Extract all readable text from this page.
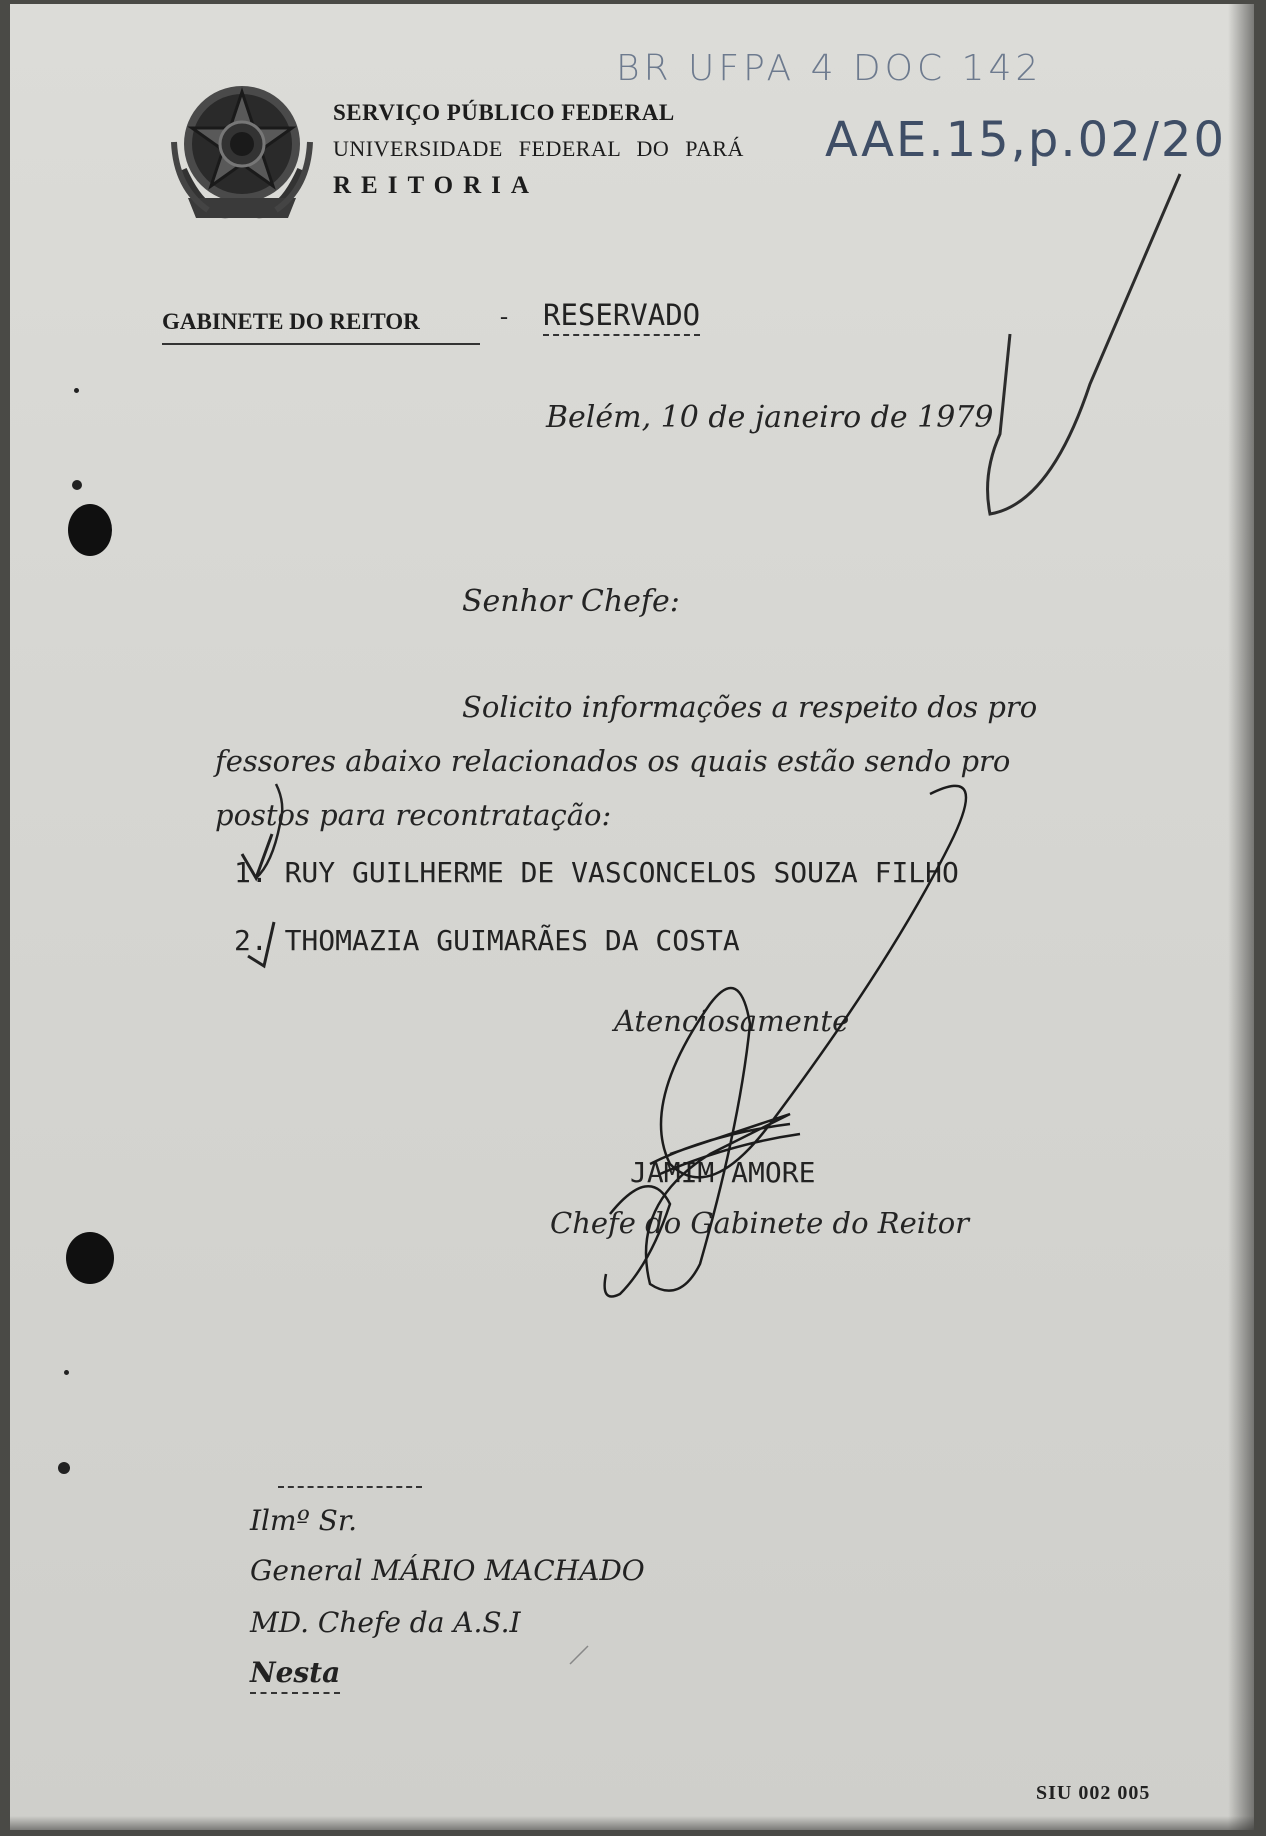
SERVIÇO PÚBLICO FEDERAL
UNIVERSIDADE FEDERAL DO PARÁ
REITORIA
BR UFPA 4 DOC 142
AAE.15,p.02/20
GABINETE DO REITOR	- RESERVADO
Belém, 10 de janeiro de 1979
Senhor Chefe:
Solicito informações a respeito dos pro
fessores abaixo relacionados os quais estão sendo pro
postos para recontratação:
1. RUY GUILHERME DE VASCONCELOS SOUZA FILHO
2. THOMAZIA GUIMARÃES DA COSTA
Atenciosamente
JAMIM AMORE
Chefe do Gabinete do Reitor
Ilmº Sr.
General MÁRIO MACHADO
MD. Chefe da A.S.I
Nesta
SIU 002 005
